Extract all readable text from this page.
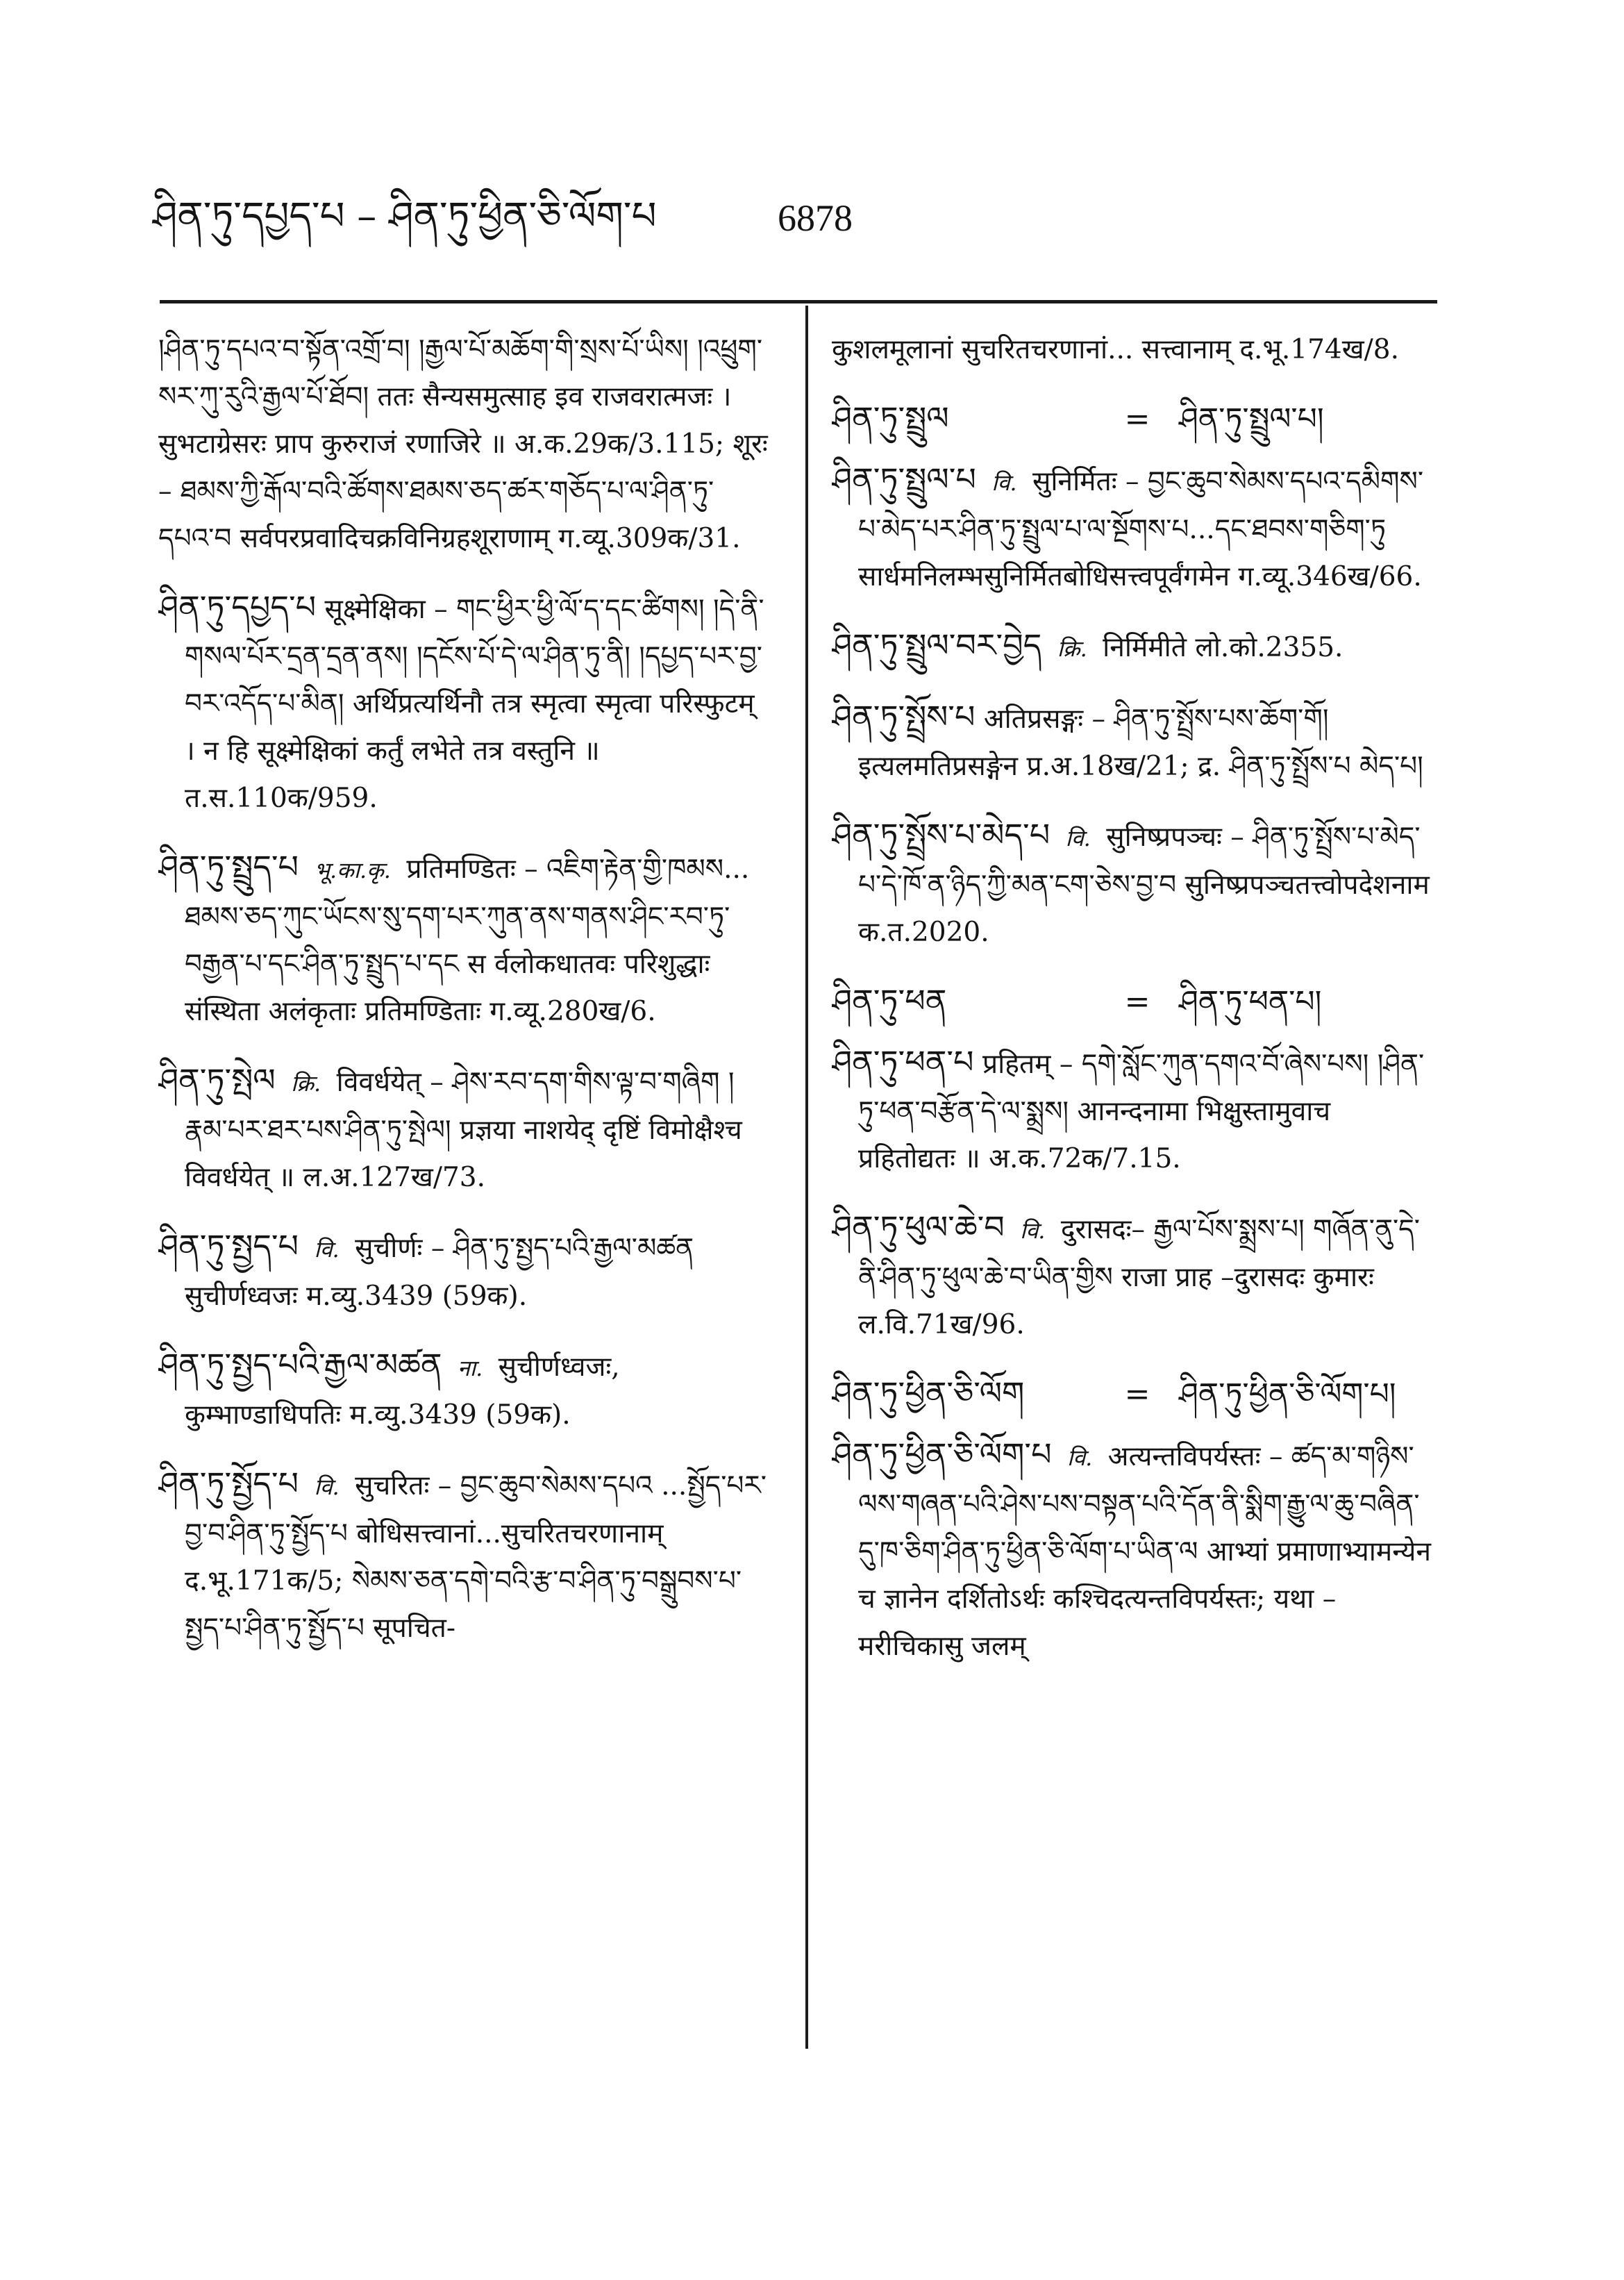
ཤིན་ཏུ་དཔྱད་པ – ཤིན་ཏུ་ཕྱིན་ཅི་ལོག་པ	6878
།ཤིན་ཏུ་དཔའ་བ་སྟོན་འགྲོ་བ། །རྒྱལ་པོ་མཆོག་གི་སྲས་པོ་ཡིས། །འཕྲུག་སར་ཀུ་རུའི་རྒྱལ་པོ་ཐོབ། ततः सैन्यसमुत्साह इव राजवरात्मजः । सुभटाग्रेसरः प्राप कुरुराजं रणाजिरे ॥ अ.क.29क/3.115; शूरः – ཐམས་ཀྱི་རྒོལ་བའི་ཚོགས་ཐམས་ཅད་ཚར་གཅོད་པ་ལ་ཤིན་ཏུ་དཔའ་བ सर्वपरप्रवादिचक्रविनिग्रहशूराणाम् ग.व्यू.309क/31.
ཤིན་ཏུ་དཔྱད་པ सूक्ष्मेक्षिका – གང་ཕྱིར་ཕྱི་ལོ་ད་དང་ཚིགས། །དེ་ནི་གསལ་པོར་དྲན་དྲན་ནས། །དངོས་པོ་དེ་ལ་ཤིན་ཏུ་ནི། །དཔྱད་པར་བྱ་བར་འདོད་པ་མིན། अर्थिप्रत्यर्थिनौ तत्र स्मृत्वा स्मृत्वा परिस्फुटम् । न हि सूक्ष्मेक्षिकां कर्तुं लभेते तत्र वस्तुनि ॥ त.स.110क/959.
ཤིན་ཏུ་སྤྲུད་པ भू.का.कृ. प्रतिमण्डितः – འཇིག་རྟེན་གྱི་ཁམས... ཐམས་ཅད་ཀུང་ཡོངས་སུ་དག་པར་ཀུན་ནས་གནས་ཤིང་རབ་ཏུ་བརྒྱན་པ་དང་ཤིན་ཏུ་སྤྲུད་པ་དང स र्वलोकधातवः परिशुद्धाः संस्थिता अलंकृताः प्रतिमण्डिताः ग.व्यू.280ख/6.
ཤིན་ཏུ་སྤེལ क्रि. विवर्धयेत् – ཤེས་རབ་དག་གིས་ལྟ་བ་གཞིག །རྣམ་པར་ཐར་པས་ཤིན་ཏུ་སྤེལ། प्रज्ञया नाशयेद् दृष्टिं विमोक्षैश्च विवर्धयेत् ॥ ल.अ.127ख/73.
ཤིན་ཏུ་སྤྱད་པ वि. सुचीर्णः – ཤིན་ཏུ་སྤྱད་པའི་རྒྱལ་མཚན सुचीर्णध्वजः म.व्यु.3439 (59क).
ཤིན་ཏུ་སྤྱད་པའི་རྒྱལ་མཚན ना. सुचीर्णध्वजः, कुम्भाण्डाधिपतिः म.व्यु.3439 (59क).
ཤིན་ཏུ་སྤྱོད་པ वि. सुचरितः – བྱང་ཆུབ་སེམས་དཔའ ...སྤྱོད་པར་བྱ་བ་ཤིན་ཏུ་སྤྱོད་པ बोधिसत्त्वानां...सुचरितचरणानाम् द.भू.171क/5; སེམས་ཅན་དགེ་བའི་རྩ་བ་ཤིན་ཏུ་བསྒྲུབས་པ་སྤྱད་པ་ཤིན་ཏུ་སྤྱོད་པ सूपचित-
कुशलमूलानां सुचरितचरणानां... सत्त्वानाम् द.भू.174ख/8.
ཤིན་ཏུ་སྤྲུལ	= ཤིན་ཏུ་སྤྲུལ་པ།
ཤིན་ཏུ་སྤྲུལ་པ वि. सुनिर्मितः – བྱང་ཆུབ་སེམས་དཔའ་དམིགས་པ་མེད་པར་ཤིན་ཏུ་སྤྲུལ་པ་ལ་སྔོགས་པ...དང་ཐབས་གཅིག་ཏུ सार्धमनिलम्भसुनिर्मितबोधिसत्त्वपूर्वंगमेन ग.व्यू.346ख/66.
ཤིན་ཏུ་སྤྲུལ་བར་བྱེད क्रि. निर्मिमीते लो.को.2355.
ཤིན་ཏུ་སྤྲོས་པ अतिप्रसङ्गः – ཤིན་ཏུ་སྤྲོས་པས་ཆོག་གོ། इत्यलमतिप्रसङ्गेन प्र.अ.18ख/21; द्र. ཤིན་ཏུ་སྤྲོས་པ མེད་པ།
ཤིན་ཏུ་སྤྲོས་པ་མེད་པ वि. सुनिष्प्रपञ्चः – ཤིན་ཏུ་སྤྲོས་པ་མེད་པ་དེ་ཁོ་ན་ཉིད་ཀྱི་མན་ངག་ཅེས་བྱ་བ सुनिष्प्रपञ्चतत्त्वोपदेशनाम क.त.2020.
ཤིན་ཏུ་ཕན	= ཤིན་ཏུ་ཕན་པ།
ཤིན་ཏུ་ཕན་པ प्रहितम् – དགེ་སློང་ཀུན་དགའ་བོ་ཞེས་པས། །ཤིན་ཏུ་ཕན་བརྩོན་དེ་ལ་སྨྲས། आनन्दनामा भिक्षुस्तामुवाच प्रहितोद्यतः ॥ अ.क.72क/7.15.
ཤིན་ཏུ་ཕུལ་ཆེ་བ वि. दुरासदः– རྒྱལ་པོས་སྨྲས་པ། གཞོན་ནུ་དེ་ནི་ཤིན་ཏུ་ཕུལ་ཆེ་བ་ཡིན་གྱིས राजा प्राह –दुरासदः कुमारः ल.वि.71ख/96.
ཤིན་ཏུ་ཕྱིན་ཅི་ལོག	= ཤིན་ཏུ་ཕྱིན་ཅི་ལོག་པ།
ཤིན་ཏུ་ཕྱིན་ཅི་ལོག་པ वि. अत्यन्तविपर्यस्तः – ཚད་མ་གཉིས་ལས་གཞན་པའི་ཤེས་པས་བསྟན་པའི་དོན་ནི་སྨིག་རྒྱུ་ལ་ཆུ་བཞིན་དུ་ཁ་ཅིག་ཤིན་ཏུ་ཕྱིན་ཅི་ལོག་པ་ཡིན་ལ आभ्यां प्रमाणाभ्यामन्येन च ज्ञानेन दर्शितोऽर्थः कश्चिदत्यन्तविपर्यस्तः; यथा – मरीचिकासु जलम्
